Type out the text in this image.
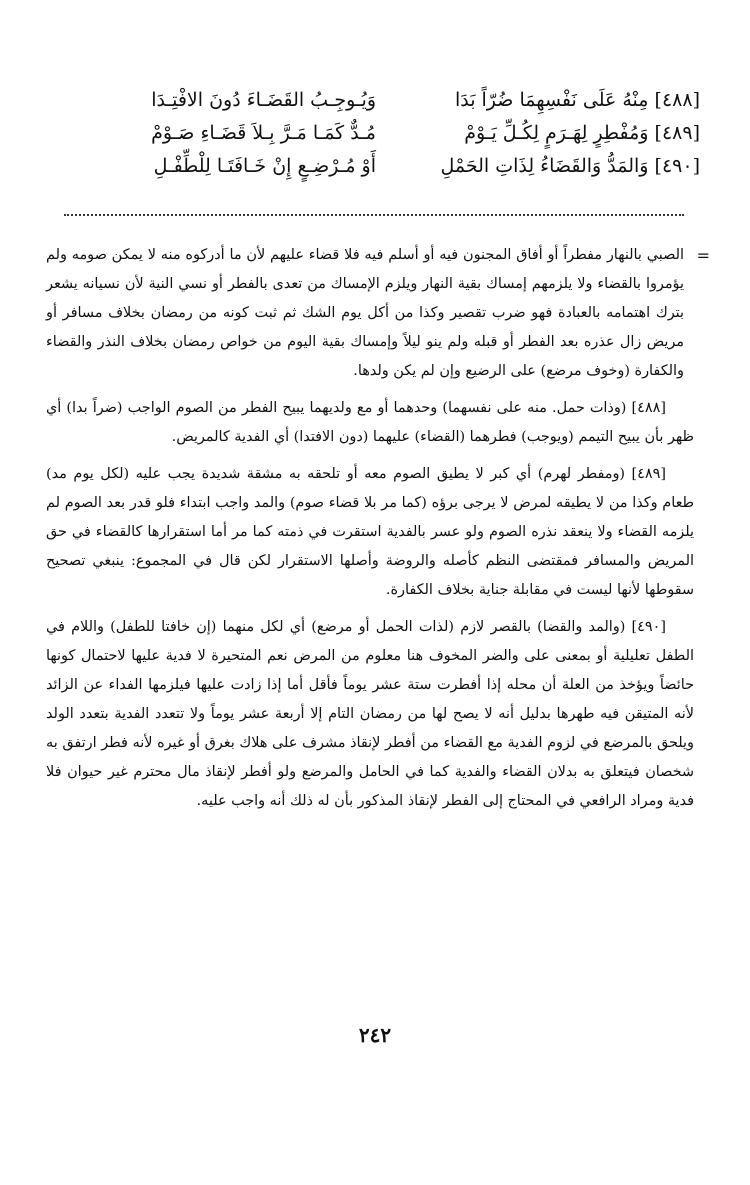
[٤٨٨] مِنْهُ عَلَى نَفْسِهِمَا ضُرّاً بَدَا
وَيُـوجِـبُ القَضَـاءَ دُونَ الافْتِـدَا
[٤٨٩] وَمُفْطِرٍ لِهَـرَمٍ لِكُـلِّ يَـوْمْ
مُـدٌّ كَمَـا مَـرَّ بِـلاَ قَضَـاءِ صَـوْمْ
[٤٩٠] وَالمَدُّ وَالقَضَاءُ لِذَاتِ الحَمْلِ
أَوْ مُـرْضِـعٍ إِنْ خَـافَتَـا لِلْطِّفْـلِ

=
الصبي بالنهار مفطراً أو أفاق المجنون فيه أو أسلم فيه فلا قضاء عليهم لأن ما أدركوه منه لا يمكن صومه ولم يؤمروا بالقضاء ولا يلزمهم إمساك بقية النهار ويلزم الإمساك من تعدى بالفطر أو نسي النية لأن نسيانه يشعر بترك اهتمامه بالعبادة فهو ضرب تقصير وكذا من أكل يوم الشك ثم ثبت كونه من رمضان بخلاف مسافر أو مريض زال عذره بعد الفطر أو قبله ولم ينو ليلاً وإمساك بقية اليوم من خواص رمضان بخلاف النذر والقضاء والكفارة (وخوف مرضع) على الرضيع وإن لم يكن ولدها.

[٤٨٨] (وذات حمل. منه على نفسهما) وحدهما أو مع ولديهما يبيح الفطر من الصوم الواجب (ضراً بدا) أي ظهر بأن يبيح التيمم (ويوجب) فطرهما (القضاء) عليهما (دون الافتدا) أي الفدية كالمريض.

[٤٨٩] (ومفطر لهرم) أي كبر لا يطيق الصوم معه أو تلحقه به مشقة شديدة يجب عليه (لكل يوم مد) طعام وكذا من لا يطيقه لمرض لا يرجى برؤه (كما مر بلا قضاء صوم) والمد واجب ابتداء فلو قدر بعد الصوم لم يلزمه القضاء ولا ينعقد نذره الصوم ولو عسر بالفدية استقرت في ذمته كما مر أما استقرارها كالقضاء في حق المريض والمسافر فمقتضى النظم كأصله والروضة وأصلها الاستقرار لكن قال في المجموع: ينبغي تصحيح سقوطها لأنها ليست في مقابلة جناية بخلاف الكفارة.

[٤٩٠] (والمد والقضا) بالقصر لازم (لذات الحمل أو مرضع) أي لكل منهما (إن خافتا للطفل) واللام في الطفل تعليلية أو بمعنى على والضر المخوف هنا معلوم من المرض نعم المتحيرة لا فدية عليها لاحتمال كونها حائضاً ويؤخذ من العلة أن محله إذا أفطرت ستة عشر يوماً فأقل أما إذا زادت عليها فيلزمها الفداء عن الزائد لأنه المتيقن فيه طهرها بدليل أنه لا يصح لها من رمضان التام إلا أربعة عشر يوماً ولا تتعدد الفدية بتعدد الولد ويلحق بالمرضع في لزوم الفدية مع القضاء من أفطر لإنقاذ مشرف على هلاك بغرق أو غيره لأنه فطر ارتفق به شخصان فيتعلق به بدلان القضاء والفدية كما في الحامل والمرضع ولو أفطر لإنقاذ مال محترم غير حيوان فلا فدية ومراد الرافعي في المحتاج إلى الفطر لإنقاذ المذكور بأن له ذلك أنه واجب عليه.

٢٤٢
